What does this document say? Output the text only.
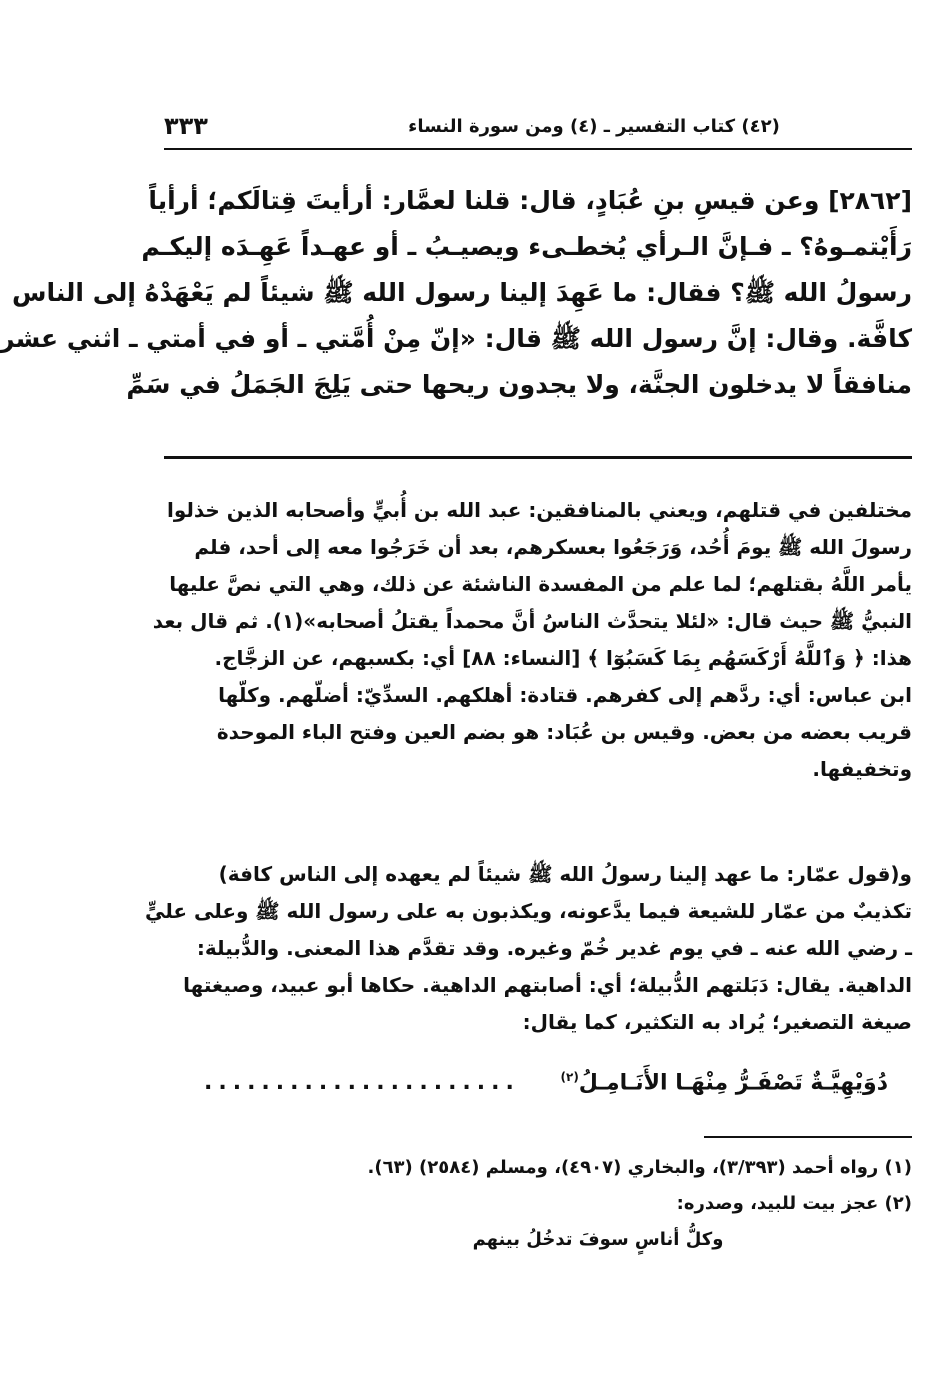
٣٣٣	(٤٢) كتاب التفسير ـ (٤) ومن سورة النساء
[٢٨٦٢] وعن قيسِ بنِ عُبَادٍ، قال: قلنا لعمَّار: أرأيتَ قِتالَكم؛ أرأياً
رَأَيْتمـوهُ؟ ـ فـإنَّ الـرأي يُخطـىء ويصيـبُ ـ أو عهـداً عَهِـدَه إليكـم
رسولُ الله ﷺ؟ فقال: ما عَهِدَ إلينا رسول الله ﷺ شيئاً لم يَعْهَدْهُ إلى الناس
كافَّة. وقال: إنَّ رسول الله ﷺ قال: «إنّ مِنْ أُمَّتي ـ أو في أمتي ـ اثني عشر
منافقاً لا يدخلون الجنَّة، ولا يجدون ريحها حتى يَلِجَ الجَمَلُ في سَمِّ
مختلفين في قتلهم، ويعني بالمنافقين: عبد الله بن أُبيٍّ وأصحابه الذين خذلوا
رسولَ الله ﷺ يومَ أُحُد، وَرَجَعُوا بعسكرهم، بعد أن خَرَجُوا معه إلى أحد، فلم
يأمر اللَّهُ بقتلهم؛ لما علم من المفسدة الناشئة عن ذلك، وهي التي نصَّ عليها
النبيُّ ﷺ حيث قال: «لئلا يتحدَّث الناسُ أنَّ محمداً يقتلُ أصحابه»(١). ثم قال بعد
هذا: ﴿ وَٱللَّهُ أَرْكَسَهُم بِمَا كَسَبُوٓا ﴾ [النساء: ٨٨] أي: بكسبهم، عن الزجَّاج.
ابن عباس: أي: ردَّهم إلى كفرهم. قتادة: أهلكهم. السدِّيّ: أضلّهم. وكلّها
قريب بعضه من بعض. وقيس بن عُبَاد: هو بضم العين وفتح الباء الموحدة
وتخفيفها.
و(قول عمّار: ما عهد إلينا رسولُ الله ﷺ شيئاً لم يعهده إلى الناس كافة)
تكذيبٌ من عمّار للشيعة فيما يدَّعونه، ويكذبون به على رسول الله ﷺ وعلى عليٍّ
ـ رضي الله عنه ـ في يوم غدير خُمّ وغيره. وقد تقدَّم هذا المعنى. والدُّبيلة:
الداهية. يقال: دَبَلتهم الدُّبيلة؛ أي: أصابتهم الداهية. حكاها أبو عبيد، وصيغتها
صيغة التصغير؛ يُراد به التكثير، كما يقال:
دُوَيْهِيَّـةٌ تَصْفَـرُّ مِنْهَـا الأَنَـامِـلُ$^{(٢)}$
......................
(١) رواه أحمد (٣/٣٩٣)، والبخاري (٤٩٠٧)، ومسلم (٢٥٨٤) (٦٣).
(٢) عجز بيت للبيد، وصدره:
وكلُّ أناسٍ سوفَ تدخُلُ بينهم
